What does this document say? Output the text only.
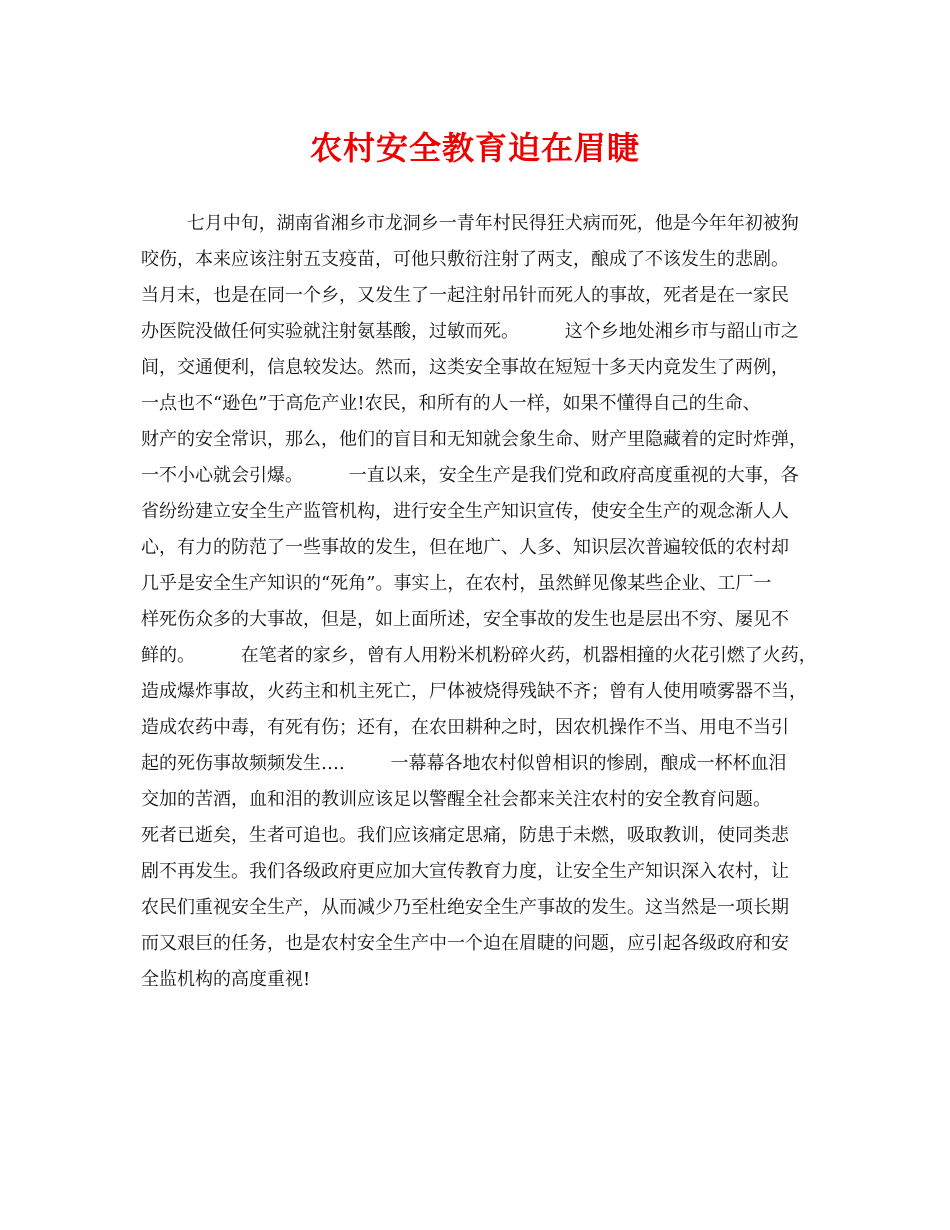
农村安全教育迫在眉睫
七月中旬，湖南省湘乡市龙洞乡一青年村民得狂犬病而死，他是今年年初被狗
咬伤，本来应该注射五支疫苗，可他只敷衍注射了两支，酿成了不该发生的悲剧。
当月末，也是在同一个乡，又发生了一起注射吊针而死人的事故，死者是在一家民
办医院没做任何实验就注射氨基酸，过敏而死。        这个乡地处湘乡市与韶山市之
间，交通便利，信息较发达。然而，这类安全事故在短短十多天内竟发生了两例，
一点也不“逊色”于高危产业!农民，和所有的人一样，如果不懂得自己的生命、
财产的安全常识，那么，他们的盲目和无知就会象生命、财产里隐藏着的定时炸弹，
一不小心就会引爆。        一直以来，安全生产是我们党和政府高度重视的大事，各
省纷纷建立安全生产监管机构，进行安全生产知识宣传，使安全生产的观念渐人人
心，有力的防范了一些事故的发生，但在地广、人多、知识层次普遍较低的农村却
几乎是安全生产知识的“死角”。事实上，在农村，虽然鲜见像某些企业、工厂一
样死伤众多的大事故，但是，如上面所述，安全事故的发生也是层出不穷、屡见不
鲜的。        在笔者的家乡，曾有人用粉米机粉碎火药，机器相撞的火花引燃了火药，
造成爆炸事故，火药主和机主死亡，尸体被烧得残缺不齐；曾有人使用喷雾器不当，
造成农药中毒，有死有伤；还有，在农田耕种之时，因农机操作不当、用电不当引
起的死伤事故频频发生….        一幕幕各地农村似曾相识的惨剧，酿成一杯杯血泪
交加的苦酒，血和泪的教训应该足以警醒全社会都来关注农村的安全教育问题。
死者已逝矣，生者可追也。我们应该痛定思痛，防患于未燃，吸取教训，使同类悲
剧不再发生。我们各级政府更应加大宣传教育力度，让安全生产知识深入农村，让
农民们重视安全生产，从而减少乃至杜绝安全生产事故的发生。这当然是一项长期
而又艰巨的任务，也是农村安全生产中一个迫在眉睫的问题，应引起各级政府和安
全监机构的高度重视!
